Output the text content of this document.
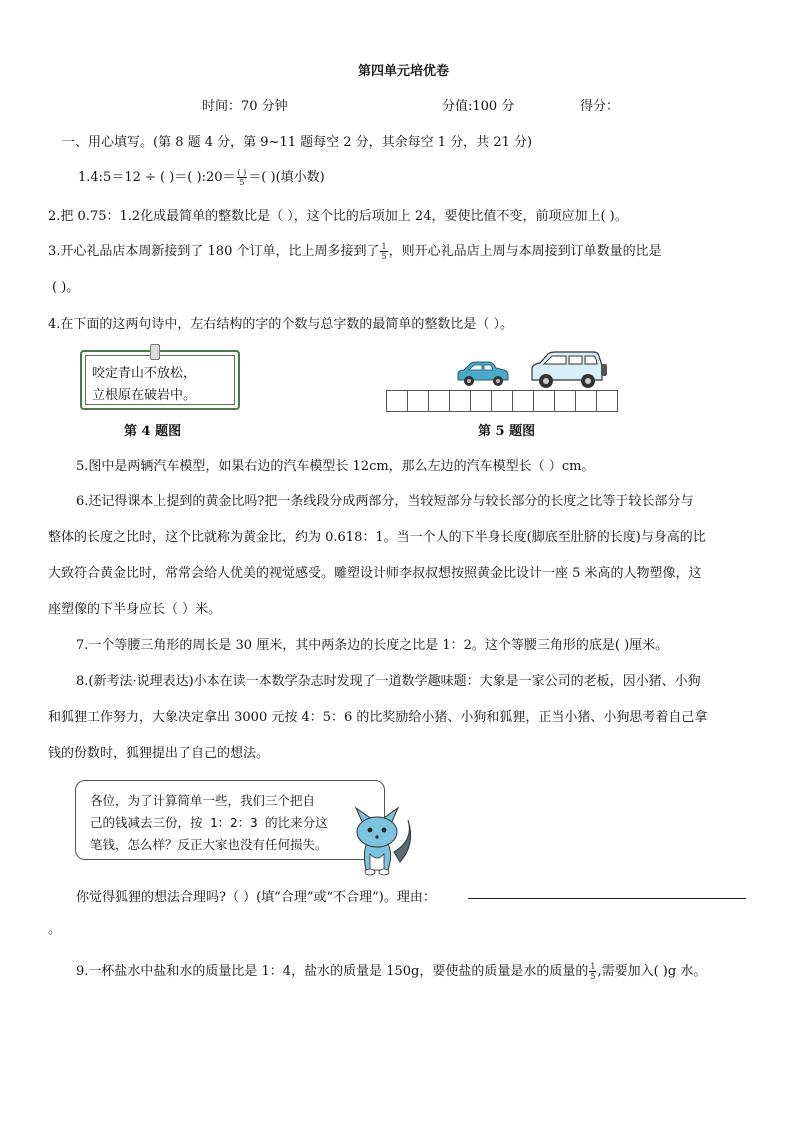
第四单元培优卷
时间：70 分钟	分值:100 分	得分：
一、用心填写。(第 8 题 4 分，第 9~11 题每空 2 分，其余每空 1 分，共 21 分)
1.4:5＝12 ÷ ( )＝( ):20＝ $\frac{( )}{5}$ ＝( )(填小数)
2.把 0.75：1.2化成最简单的整数比是（ ），这个比的后项加上 24，要使比值不变，前项应加上( )。
3.开心礼品店本周新接到了 180 个订单，比上周多接到了 $\frac{1}{5}$ ，则开心礼品店上周与本周接到订单数量的比是
( )。
4.在下面的这两句诗中，左右结构的字的个数与总字数的最简单的整数比是（ ）。
咬定青山不放松，
立根原在破岩中。
第 4 题图	第 5 题图
5.图中是两辆汽车模型，如果右边的汽车模型长 12cm，那么左边的汽车模型长（ ）cm。
6.还记得课本上提到的黄金比吗?把一条线段分成两部分，当较短部分与较长部分的长度之比等于较长部分与
整体的长度之比时，这个比就称为黄金比，约为 0.618：1。当一个人的下半身长度(脚底至肚脐的长度)与身高的比
大致符合黄金比时，常常会给人优美的视觉感受。雕塑设计师李叔叔想按照黄金比设计一座 5 米高的人物塑像，这
座塑像的下半身应长（ ）米。
7.一个等腰三角形的周长是 30 厘米，其中两条边的长度之比是 1：2。这个等腰三角形的底是( )厘米。
8.(新考法·说理表达)小本在读一本数学杂志时发现了一道数学趣味题：大象是一家公司的老板，因小猪、小狗
和狐狸工作努力，大象决定拿出 3000 元按 4：5：6 的比奖励给小猪、小狗和狐狸，正当小猪、小狗思考着自己拿
钱的份数时，狐狸提出了自己的想法。
各位，为了计算简单一些，我们三个把自
己的钱减去三份，按 1：2：3 的比来分这
笔钱，怎么样？反正大家也没有任何损失。
你觉得狐狸的想法合理吗?（ ）(填“合理”或“不合理”)。理由：
。
9.一杯盐水中盐和水的质量比是 1：4，盐水的质量是 150g，要使盐的质量是水的质量的 $\frac{1}{5}$ ,需要加入( )g 水。
